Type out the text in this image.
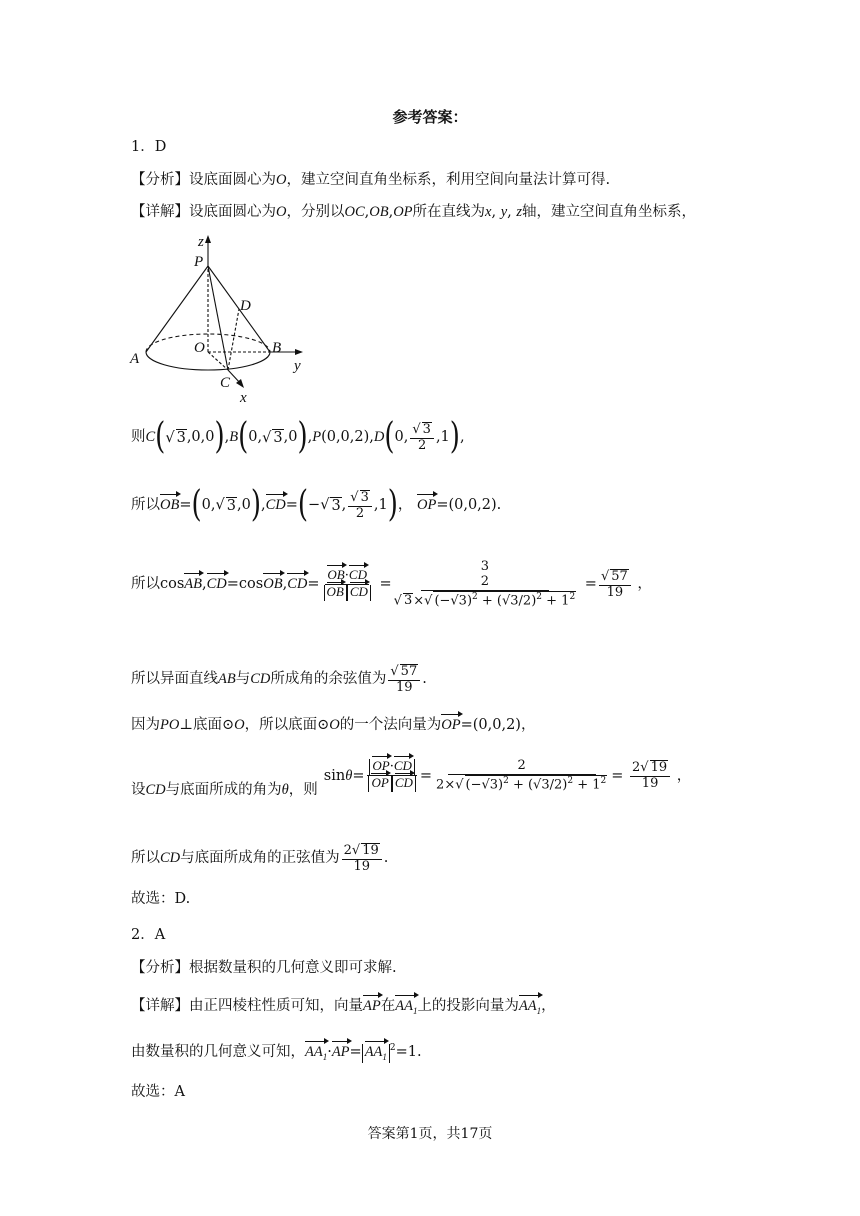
参考答案：
1．D
【分析】设底面圆心为O，建立空间直角坐标系，利用空间向量法计算可得.
【详解】设底面圆心为O，分别以OC,OB,OP所在直线为x, y, z轴，建立空间直角坐标系，
z
P
D
O
A
B
C
x
y
则 C ( √ 3 ,0,0 ) , B ( 0, √ 3 ,0 ) , P (0,0,2), D ( 0, $\frac{√ 3}{2} ,1$ ) ,
所以 OB = ( 0,√ 3 ,0 ) , CD = ( −√ 3 , $\frac{√ 3}{2} ,1$ ) ， OP =(0,0,2).
所以cos AB , CD =cos OB , CD = $\frac{OB\cdot CD}{\text{OB CD}}$ =
3
2
√ 3×√ $(-√3)^2 + (√3/2)^2 + 1^2$
= $\frac{√ 57}{19}$ ，
所以异面直线 AB 与 CD 所成角的余弦值为 $\frac{√ 57}{19}$ .
因为PO⊥底面⊙O，所以底面⊙O的一个法向量为OP=(0,0,2)，
设CD与底面所成的角为θ，则
$\sin\theta= \frac{OP\cdot CD}{\text{OP CD}} = \frac{2}{2\times√ (-√3)^2 + (√3/2)^2 + 1^2} = \frac{2√ 19}{19}$ ，
所以 CD 与底面所成角的正弦值为 $\frac{2√ 19}{19}$ .
故选：D.
2．A
【分析】根据数量积的几何意义即可求解.
【详解】由正四棱柱性质可知，向量AP在$AA_1$上的投影向量为$AA_1$，
由数量积的几何意义可知，$AA_1\cdot AP= AA_1^2=1$.
故选：A
答案第1页，共17页
